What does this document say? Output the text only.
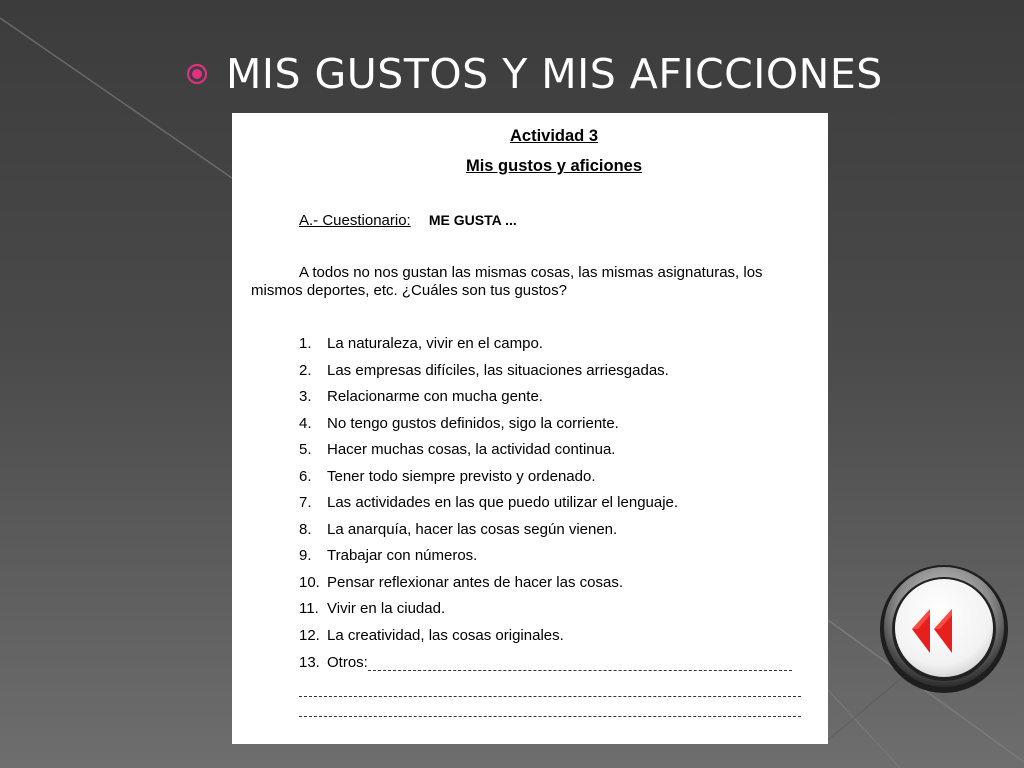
MIS GUSTOS Y MIS AFICCIONES
Actividad 3
Mis gustos y aficiones
A.- Cuestionario: ME GUSTA ...
A todos no nos gustan las mismas cosas, las mismas asignaturas, los mismos deportes, etc. ¿Cuáles son tus gustos?
1. La naturaleza, vivir en el campo.
2. Las empresas difíciles, las situaciones arriesgadas.
3. Relacionarme con mucha gente.
4. No tengo gustos definidos, sigo la corriente.
5. Hacer muchas cosas, la actividad continua.
6. Tener todo siempre previsto y ordenado.
7. Las actividades en las que puedo utilizar el lenguaje.
8. La anarquía, hacer las cosas según vienen.
9. Trabajar con números.
10. Pensar reflexionar antes de hacer las cosas.
11. Vivir en la ciudad.
12. La creatividad, las cosas originales.
13. Otros:
